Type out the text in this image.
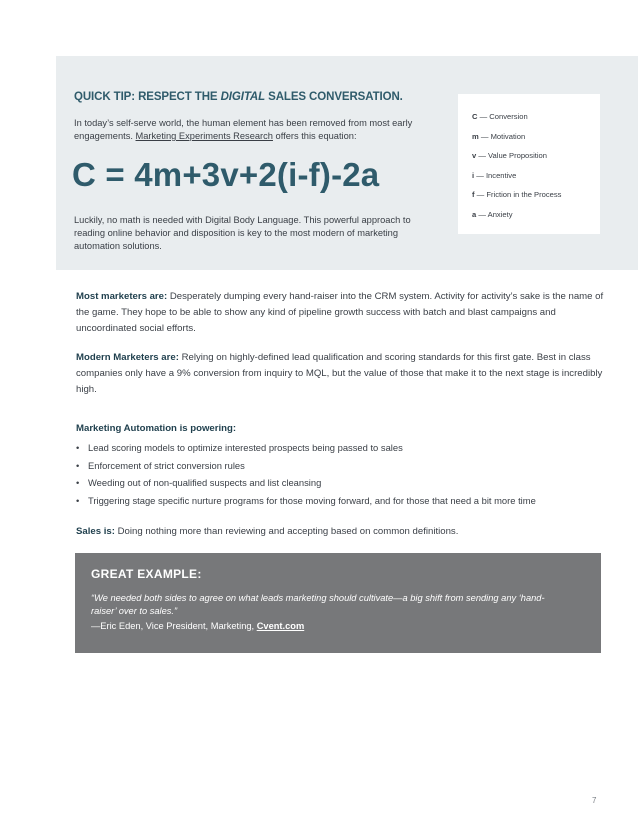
QUICK TIP: RESPECT THE DIGITAL SALES CONVERSATION.

In today’s self-serve world, the human element has been removed from most early engagements. Marketing Experiments Research offers this equation:

C = 4m+3v+2(i-f)-2a

Luckily, no math is needed with Digital Body Language. This powerful approach to reading online behavior and disposition is key to the most modern of marketing automation solutions.

C — Conversion
m — Motivation
v — Value Proposition
i — Incentive
f — Friction in the Process
a — Anxiety

Most marketers are: Desperately dumping every hand-raiser into the CRM system. Activity for activity’s sake is the name of the game. They hope to be able to show any kind of pipeline growth success with batch and blast campaigns and uncoordinated social efforts.

Modern Marketers are: Relying on highly-defined lead qualification and scoring standards for this first gate. Best in class companies only have a 9% conversion from inquiry to MQL, but the value of those that make it to the next stage is incredibly high.

Marketing Automation is powering:

• Lead scoring models to optimize interested prospects being passed to sales
• Enforcement of strict conversion rules
• Weeding out of non-qualified suspects and list cleansing
• Triggering stage specific nurture programs for those moving forward, and for those that need a bit more time

Sales is: Doing nothing more than reviewing and accepting based on common definitions.

GREAT EXAMPLE:

“We needed both sides to agree on what leads marketing should cultivate—a big shift from sending any ‘hand-raiser’ over to sales.”

—Eric Eden, Vice President, Marketing, Cvent.com

7
